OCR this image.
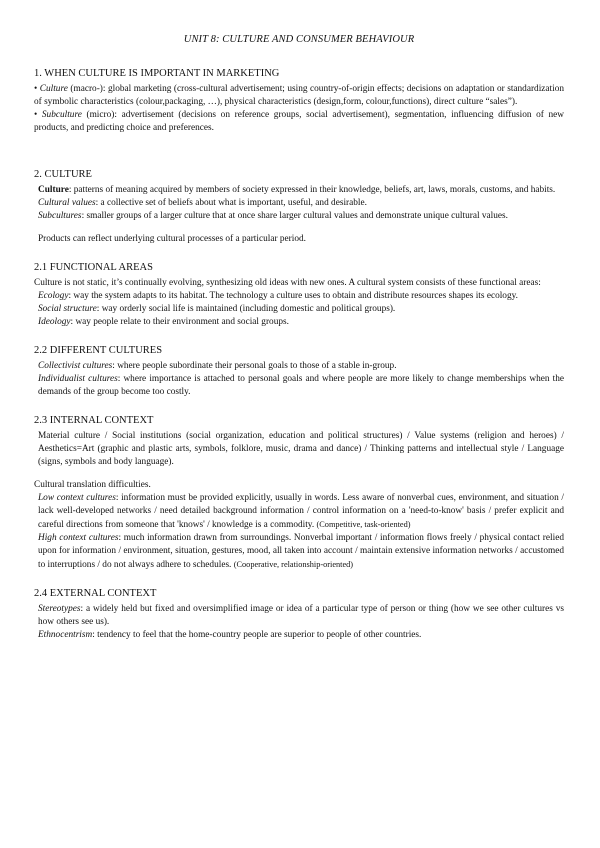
UNIT 8: CULTURE AND CONSUMER BEHAVIOUR
1. WHEN CULTURE IS IMPORTANT IN MARKETING

• Culture (macro-): global marketing (cross-cultural advertisement; using country-of-origin effects; decisions on adaptation or standardization of symbolic characteristics (colour,packaging, …), physical characteristics (design,form, colour,functions), direct culture “sales”).

• Subculture (micro): advertisement (decisions on reference groups, social advertisement), segmentation, influencing diffusion of new products, and predicting choice and preferences.

2. CULTURE

Culture: patterns of meaning acquired by members of society expressed in their knowledge, beliefs, art, laws, morals, customs, and habits.

Cultural values: a collective set of beliefs about what is important, useful, and desirable.

Subcultures: smaller groups of a larger culture that at once share larger cultural values and demonstrate unique cultural values.

Products can reflect underlying cultural processes of a particular period.

2.1 FUNCTIONAL AREAS

Culture is not static, it’s continually evolving, synthesizing old ideas with new ones. A cultural system consists of these functional areas:

Ecology: way the system adapts to its habitat. The technology a culture uses to obtain and distribute resources shapes its ecology.

Social structure: way orderly social life is maintained (including domestic and political groups).

Ideology: way people relate to their environment and social groups.

2.2 DIFFERENT CULTURES

Collectivist cultures: where people subordinate their personal goals to those of a stable in-group.

Individualist cultures: where importance is attached to personal goals and where people are more likely to change memberships when the demands of the group become too costly.

2.3 INTERNAL CONTEXT

Material culture / Social institutions (social organization, education and political structures) / Value systems (religion and heroes) / Aesthetics=Art (graphic and plastic arts, symbols, folklore, music, drama and dance) / Thinking patterns and intellectual style / Language (signs, symbols and body language).

Cultural translation difficulties.

Low context cultures: information must be provided explicitly, usually in words. Less aware of nonverbal cues, environment, and situation / lack well-developed networks / need detailed background information / control information on a 'need-to-know' basis / prefer explicit and careful directions from someone that 'knows' / knowledge is a commodity. (Competitive, task-oriented)

High context cultures: much information drawn from surroundings. Nonverbal important / information flows freely / physical contact relied upon for information / environment, situation, gestures, mood, all taken into account / maintain extensive information networks / accustomed to interruptions / do not always adhere to schedules. (Cooperative, relationship-oriented)

2.4 EXTERNAL CONTEXT

Stereotypes: a widely held but fixed and oversimplified image or idea of a particular type of person or thing (how we see other cultures vs how others see us).

Ethnocentrism: tendency to feel that the home-country people are superior to people of other countries.
